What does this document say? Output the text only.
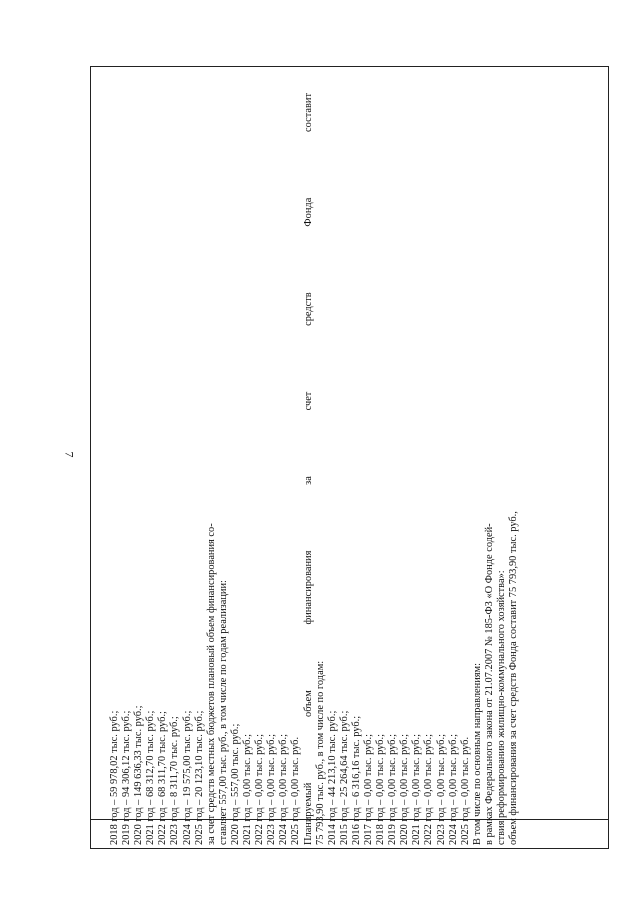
7
2018 год – 59 978,02 тыс. руб.; 2019 год – 94 306,12 тыс. руб.; 2020 год – 149 636,33 тыс. руб.; 2021 год – 68 312,70 тыс. руб.; 2022 год – 68 311,70 тыс. руб.; 2023 год – 8 311,70 тыс. руб.; 2024 год – 19 575,00 тыс. руб.; 2025 год – 20 123,10 тыс. руб.; за счет средств местных бюджетов плановый объем финансирования со- ставляет 557,00 тыс. руб., в том числе по годам реализации: 2020 год – 557,00 тыс. руб.; 2021 год – 0,00 тыс. руб.; 2022 год – 0,00 тыс. руб.; 2023 год – 0,00 тыс. руб.; 2024 год – 0,00 тыс. руб.; 2025 год – 0,00 тыс. руб. Планируемый объем финансирования за счет средств Фонда составит 75 793,90 тыс. руб., в том числе по годам: 2014 год – 44 213,10 тыс. руб.; 2015 год – 25 264,64 тыс. руб.; 2016 год – 6 316,16 тыс. руб.; 2017 год – 0,00 тыс. руб.; 2018 год – 0,00 тыс. руб.; 2019 год – 0,00 тыс. руб.; 2020 год – 0,00 тыс. руб.; 2021 год – 0,00 тыс. руб.; 2022 год – 0,00 тыс. руб.; 2023 год – 0,00 тыс. руб.; 2024 год – 0,00 тыс. руб.; 2025 год – 0,00 тыс. руб. В том числе по основным направлениям: в рамках Федерального закона от 21.07.2007 № 185-ФЗ «О Фонде содей- ствия реформированию жилищно-коммунального хозяйства»: объем финансирования за счет средств Фонда составит 75 793,90 тыс. руб.,
